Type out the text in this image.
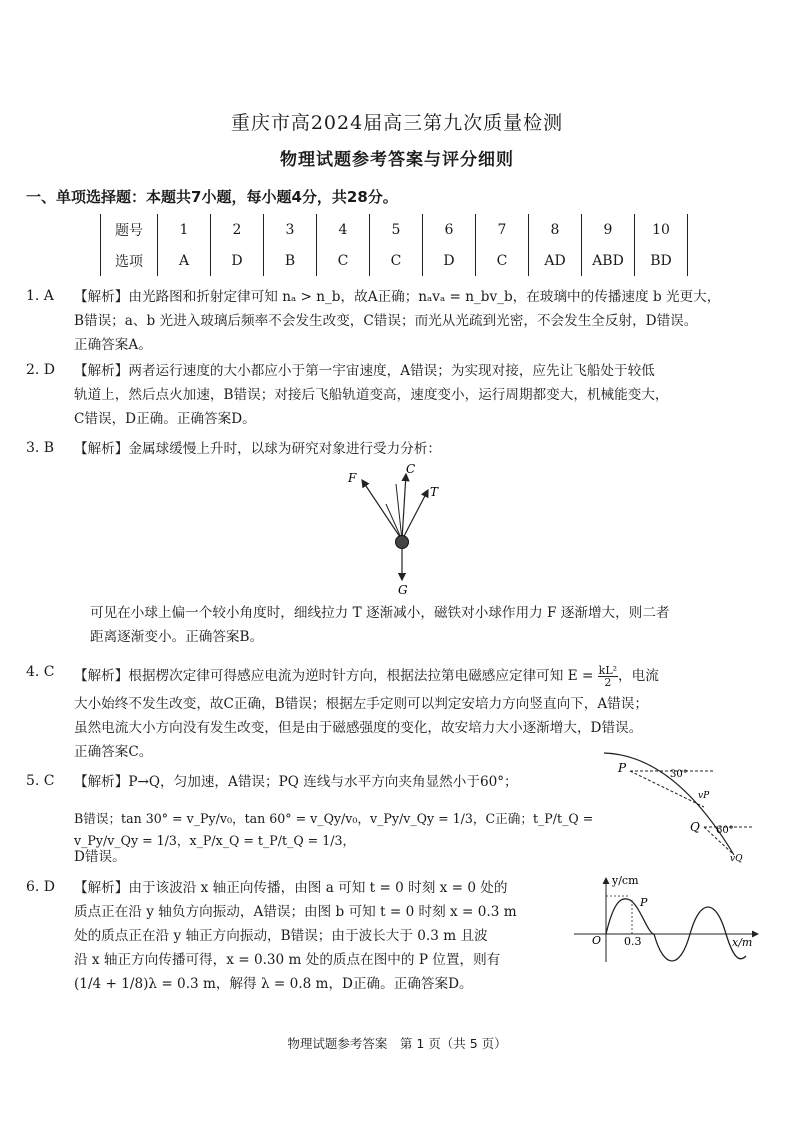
重庆市高2024届高三第九次质量检测
物理试题参考答案与评分细则
一、单项选择题：本题共7小题，每小题4分，共28分。
题号	1	2	3	4	5	6	7	8	9	10
选项	A	D	B	C	C	D	C	AD	ABD	BD
1. A 【解析】由光路图和折射定律可知 nₐ > n_b，故A正确；nₐvₐ = n_bv_b，在玻璃中的传播速度 b 光更大，
B错误；a、b 光进入玻璃后频率不会发生改变，C错误；而光从光疏到光密，不会发生全反射，D错误。
正确答案A。
2. D 【解析】两者运行速度的大小都应小于第一宇宙速度，A错误；为实现对接，应先让飞船处于较低
轨道上，然后点火加速，B错误；对接后飞船轨道变高，速度变小，运行周期都变大，机械能变大，
C错误，D正确。正确答案D。
3. B 【解析】金属球缓慢上升时，以球为研究对象进行受力分析：
F
C
T
G
可见在小球上偏一个较小角度时，细线拉力 T 逐渐减小，磁铁对小球作用力 F 逐渐增大，则二者
距离逐渐变小。正确答案B。
4. C 【解析】根据楞次定律可得感应电流为逆时针方向，根据法拉第电磁感应定律可知 $E = \frac{\text{kL²}}{2}$ ，电流
大小始终不发生改变，故C正确，B错误；根据左手定则可以判定安培力方向竖直向下，A错误；
虽然电流大小方向没有发生改变，但是由于磁感强度的变化，故安培力大小逐渐增大，D错误。
正确答案C。
5. C 【解析】P→Q，匀加速，A错误；PQ 连线与水平方向夹角显然小于60°；
B错误；tan 30° = v_Py/v₀，tan 60° = v_Qy/v₀，v_Py/v_Qy = 1/3，C正确；t_P/t_Q = v_Py/v_Qy = 1/3，x_P/x_Q = t_P/t_Q = 1/3，
D错误。
P	30°
vP
Q 60°
vQ
6. D 【解析】由于该波沿 x 轴正向传播，由图 a 可知 t = 0 时刻 x = 0 处的
质点正在沿 y 轴负方向振动，A错误；由图 b 可知 t = 0 时刻 x = 0.3 m
处的质点正在沿 y 轴正方向振动，B错误；由于波长大于 0.3 m 且波
沿 x 轴正方向传播可得，x = 0.30 m 处的质点在图中的 P 位置，则有
(1/4 + 1/8)λ = 0.3 m，解得 λ = 0.8 m，D正确。正确答案D。
y/cm
P
O 0.3	x/m
物理试题参考答案　第 1 页（共 5 页）
